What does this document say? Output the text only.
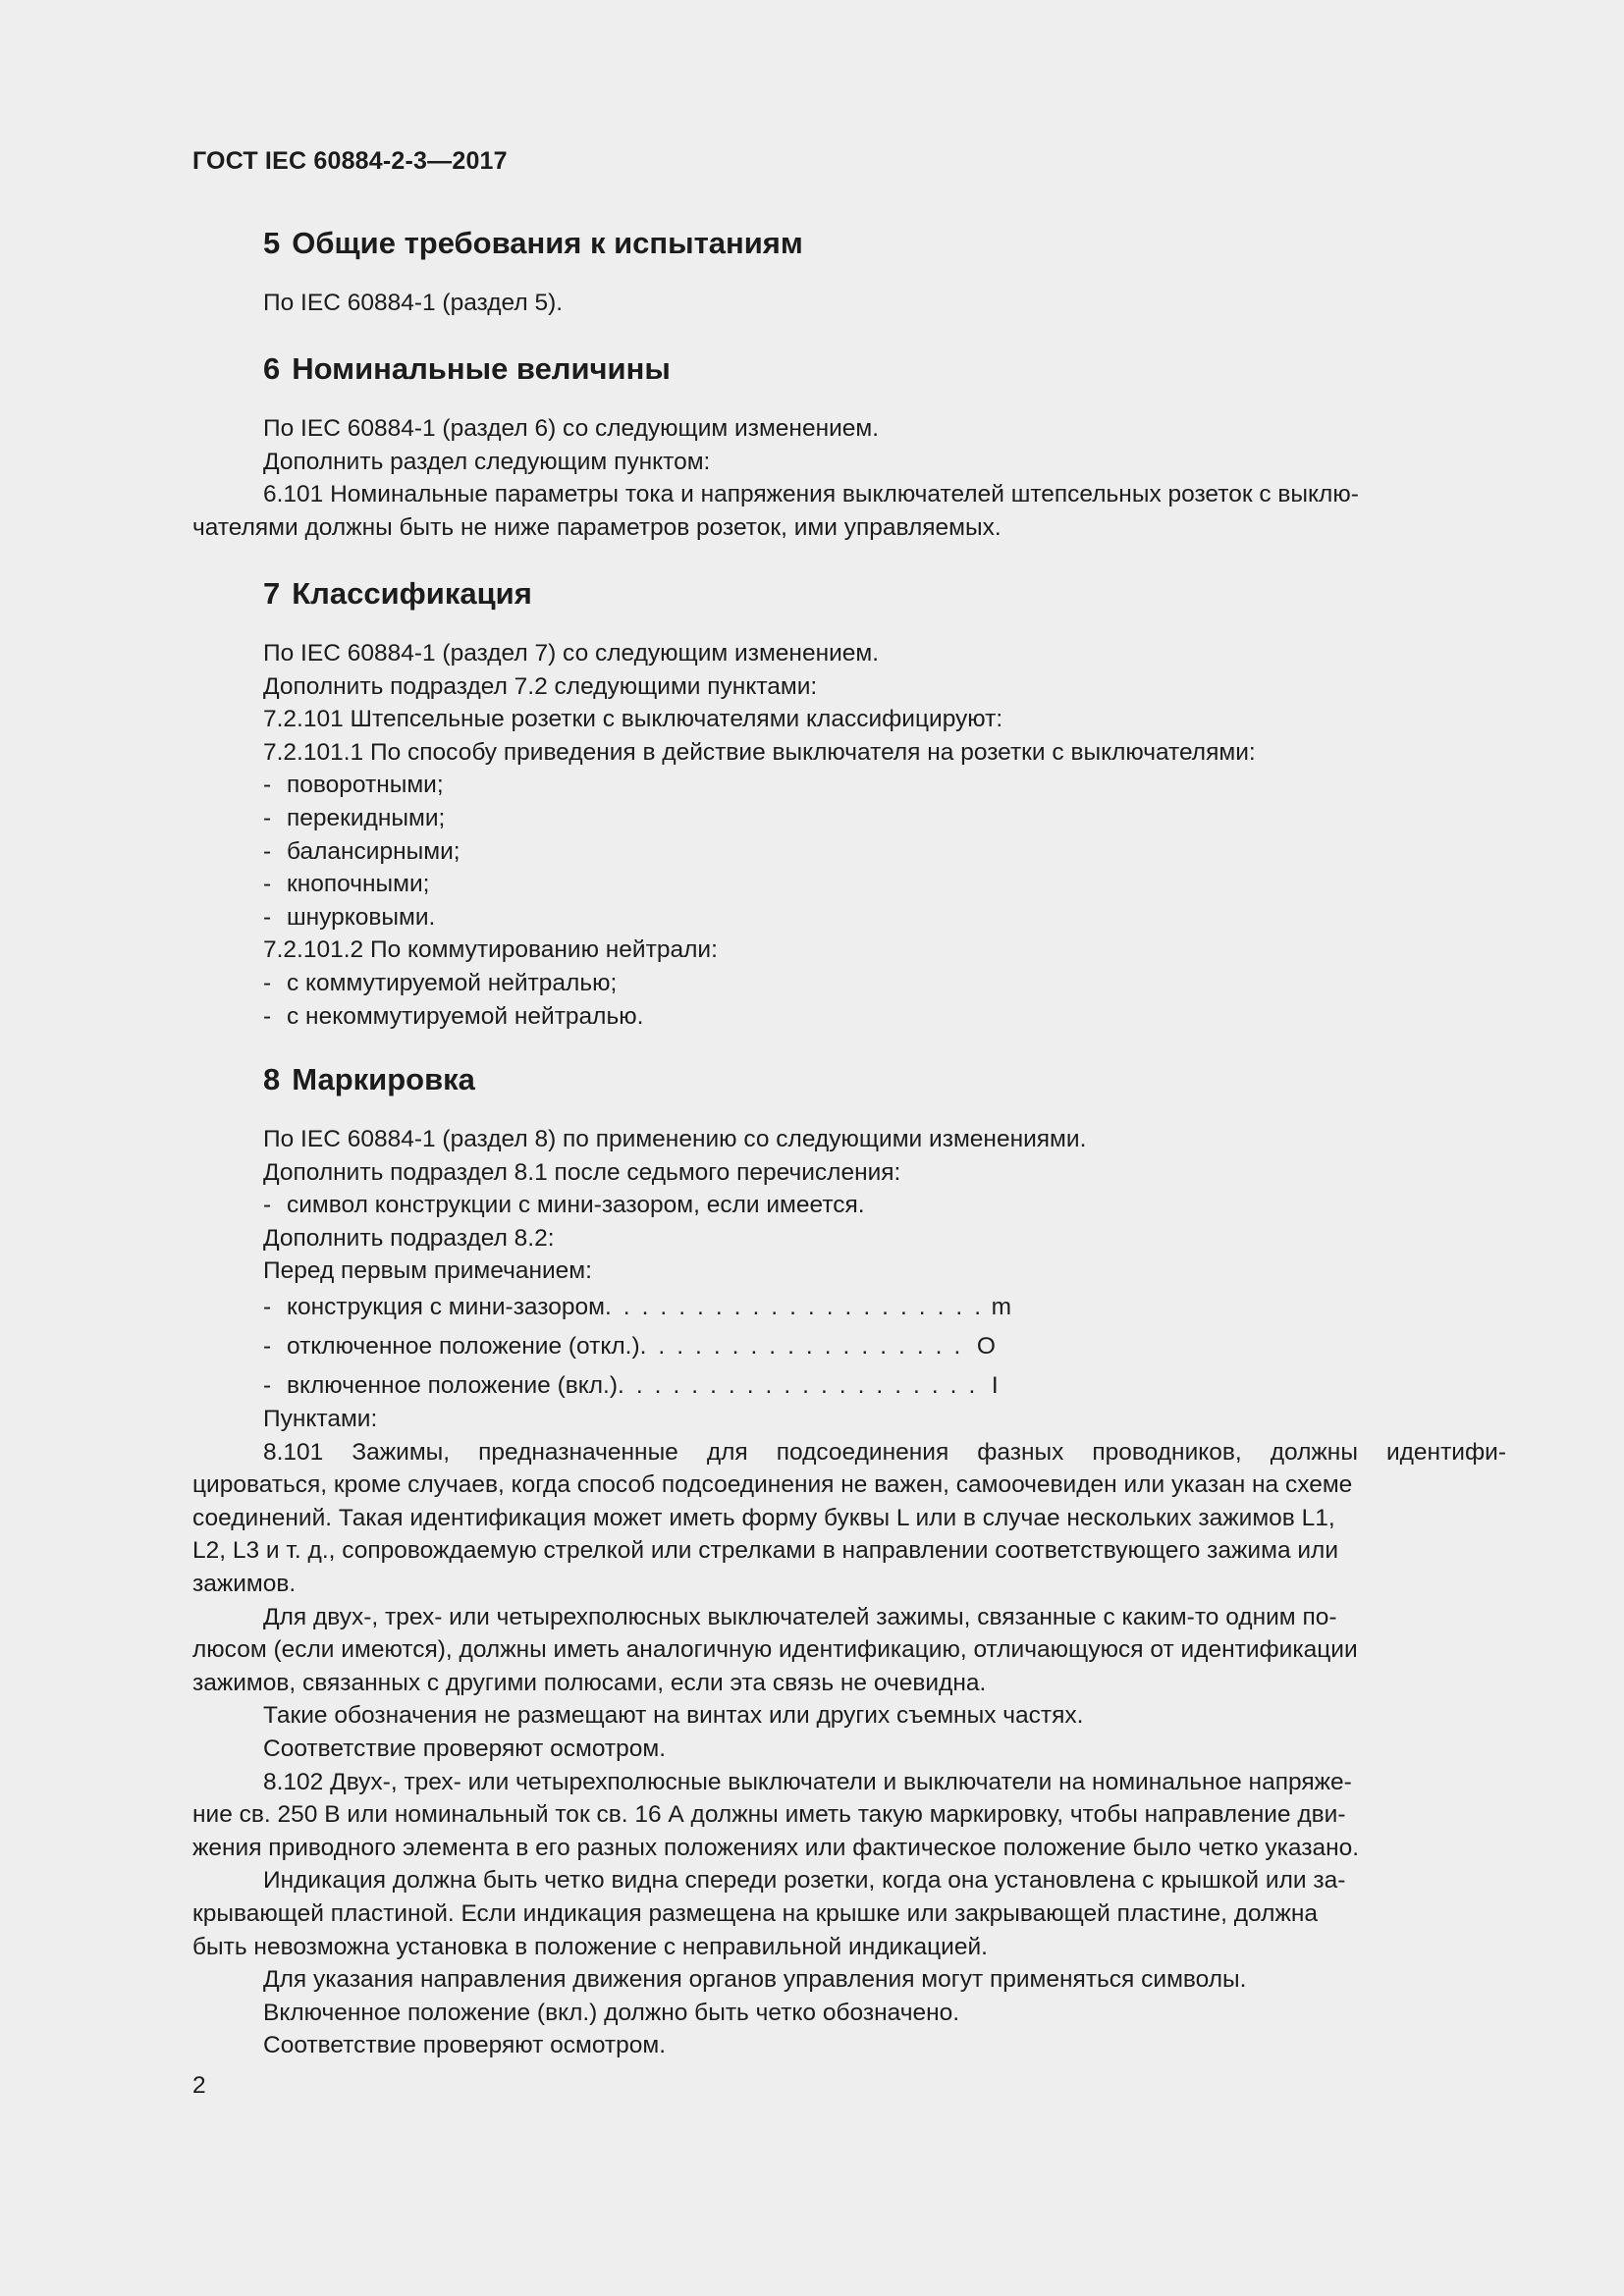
ГОСТ IEC 60884-2-3—2017
5 Общие требования к испытаниям
По IEC 60884-1 (раздел 5).
6 Номинальные величины
По IEC 60884-1 (раздел 6) со следующим изменением.
Дополнить раздел следующим пунктом:
6.101 Номинальные параметры тока и напряжения выключателей штепсельных розеток с выклю-
чателями должны быть не ниже параметров розеток, ими управляемых.
7 Классификация
По IEC 60884-1 (раздел 7) со следующим изменением.
Дополнить подраздел 7.2 следующими пунктами:
7.2.101 Штепсельные розетки с выключателями классифицируют:
7.2.101.1 По способу приведения в действие выключателя на розетки с выключателями:
- поворотными;
- перекидными;
- балансирными;
- кнопочными;
- шнурковыми.
7.2.101.2 По коммутированию нейтрали:
- с коммутируемой нейтралью;
- с некоммутируемой нейтралью.
8 Маркировка
По IEC 60884-1 (раздел 8) по применению со следующими изменениями.
Дополнить подраздел 8.1 после седьмого перечисления:
- символ конструкции с мини-зазором, если имеется.
Дополнить подраздел 8.2:
Перед первым примечанием:
- конструкция с мини-зазором. . . . . . . . . . . . . . . . . . . . . m
- отключенное положение (откл.). . . . . . . . . . . . . . . . . . O
- включенное положение (вкл.). . . . . . . . . . . . . . . . . . . . I
Пунктами:
8.101 Зажимы, предназначенные для подсоединения фазных проводников, должны идентифи-
цироваться, кроме случаев, когда способ подсоединения не важен, самоочевиден или указан на схеме
соединений. Такая идентификация может иметь форму буквы L или в случае нескольких зажимов L1,
L2, L3 и т. д., сопровождаемую стрелкой или стрелками в направлении соответствующего зажима или
зажимов.
Для двух-, трех- или четырехполюсных выключателей зажимы, связанные с каким-то одним по-
люсом (если имеются), должны иметь аналогичную идентификацию, отличающуюся от идентификации
зажимов, связанных с другими полюсами, если эта связь не очевидна.
Такие обозначения не размещают на винтах или других съемных частях.
Соответствие проверяют осмотром.
8.102 Двух-, трех- или четырехполюсные выключатели и выключатели на номинальное напряже-
ние св. 250 В или номинальный ток св. 16 А должны иметь такую маркировку, чтобы направление дви-
жения приводного элемента в его разных положениях или фактическое положение было четко указано.
Индикация должна быть четко видна спереди розетки, когда она установлена с крышкой или за-
крывающей пластиной. Если индикация размещена на крышке или закрывающей пластине, должна
быть невозможна установка в положение с неправильной индикацией.
Для указания направления движения органов управления могут применяться символы.
Включенное положение (вкл.) должно быть четко обозначено.
Соответствие проверяют осмотром.
2
